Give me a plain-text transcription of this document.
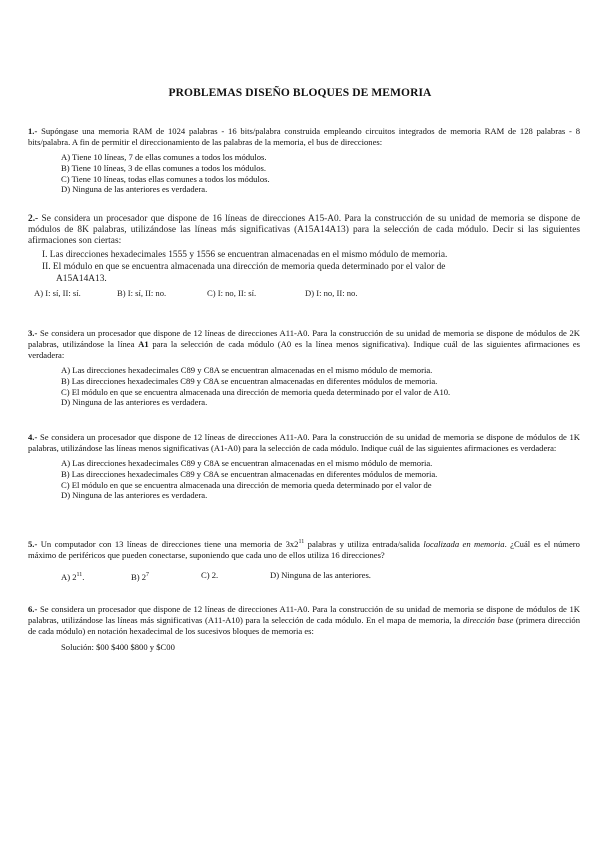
PROBLEMAS DISEÑO BLOQUES DE MEMORIA

1.- Supóngase una memoria RAM de 1024 palabras - 16 bits/palabra construida empleando circuitos integrados de memoria RAM de 128 palabras - 8 bits/palabra. A fin de permitir el direccionamiento de las palabras de la memoria, el bus de direcciones:

A) Tiene 10 líneas, 7 de ellas comunes a todos los módulos.
B) Tiene 10 líneas, 3 de ellas comunes a todos los módulos.
C) Tiene 10 líneas, todas ellas comunes a todos los módulos.
D) Ninguna de las anteriores es verdadera.

2.- Se considera un procesador que dispone de 16 líneas de direcciones A15-A0. Para la construcción de su unidad de memoria se dispone de módulos de 8K palabras, utilizándose las líneas más significativas (A15A14A13) para la selección de cada módulo. Decir si las siguientes afirmaciones son ciertas:

I. Las direcciones hexadecimales 1555 y 1556 se encuentran almacenadas en el mismo módulo de memoria.
II. El módulo en que se encuentra almacenada una dirección de memoria queda determinado por el valor de
A15A14A13.
A) I: sí, II: sí.	B) I: sí, II: no.	C) I: no, II: sí.	D) I: no, II: no.

3.- Se considera un procesador que dispone de 12 líneas de direcciones A11-A0. Para la construcción de su unidad de memoria se dispone de módulos de 2K palabras, utilizándose la línea A1 para la selección de cada módulo (A0 es la línea menos significativa). Indique cuál de las siguientes afirmaciones es verdadera:

A) Las direcciones hexadecimales C89 y C8A se encuentran almacenadas en el mismo módulo de memoria.
B) Las direcciones hexadecimales C89 y C8A se encuentran almacenadas en diferentes módulos de memoria.
C) El módulo en que se encuentra almacenada una dirección de memoria queda determinado por el valor de A10.
D) Ninguna de las anteriores es verdadera.

4.- Se considera un procesador que dispone de 12 líneas de direcciones A11-A0. Para la construcción de su unidad de memoria se dispone de módulos de 1K palabras, utilizándose las líneas menos significativas (A1-A0) para la selección de cada módulo. Indique cuál de las siguientes afirmaciones es verdadera:

A) Las direcciones hexadecimales C89 y C8A se encuentran almacenadas en el mismo módulo de memoria.
B) Las direcciones hexadecimales C89 y C8A se encuentran almacenadas en diferentes módulos de memoria.
C) El módulo en que se encuentra almacenada una dirección de memoria queda determinado por el valor de
D) Ninguna de las anteriores es verdadera.

5.- Un computador con 13 líneas de direcciones tiene una memoria de $3x2^{11}$ palabras y utiliza entrada/salida localizada en memoria. ¿Cuál es el número máximo de periféricos que pueden conectarse, suponiendo que cada uno de ellos utiliza 16 direcciones?

A) $2^{11}$.	B) $2^7$	C) 2.	D) Ninguna de las anteriores.

6.- Se considera un procesador que dispone de 12 líneas de direcciones A11-A0. Para la construcción de su unidad de memoria se dispone de módulos de 1K palabras, utilizándose las líneas más significativas (A11-A10) para la selección de cada módulo. En el mapa de memoria, la dirección base (primera dirección de cada módulo) en notación hexadecimal de los sucesivos bloques de memoria es:

Solución: $00 $400 $800 y $C00
